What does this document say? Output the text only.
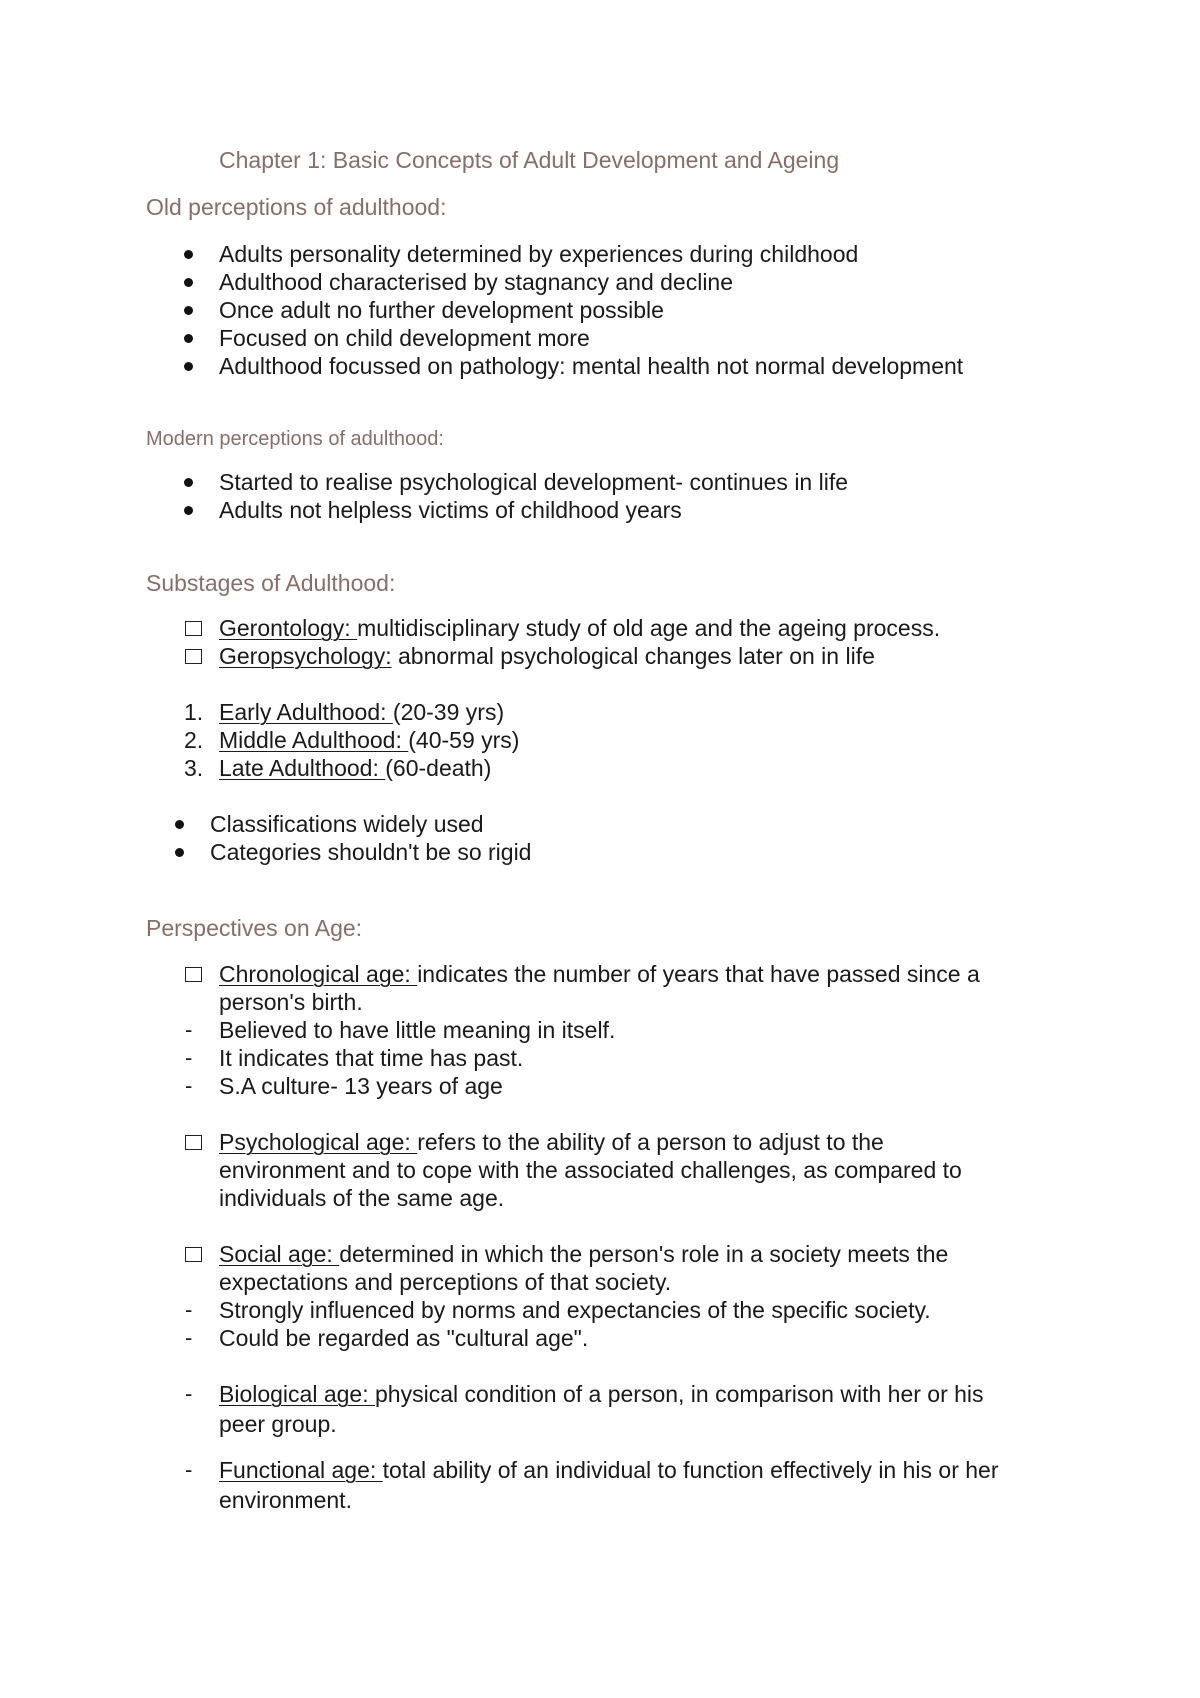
Chapter 1: Basic Concepts of Adult Development and Ageing
Old perceptions of adulthood:
Adults personality determined by experiences during childhood
Adulthood characterised by stagnancy and decline
Once adult no further development possible
Focused on child development more
Adulthood focussed on pathology: mental health not normal development
Modern perceptions of adulthood:
Started to realise psychological development- continues in life
Adults not helpless victims of childhood years
Substages of Adulthood:
Gerontology: multidisciplinary study of old age and the ageing process.
Geropsychology: abnormal psychological changes later on in life
1. Early Adulthood: (20-39 yrs)
2. Middle Adulthood: (40-59 yrs)
3. Late Adulthood: (60-death)
Classifications widely used
Categories shouldn't be so rigid
Perspectives on Age:
Chronological age: indicates the number of years that have passed since a
person's birth.
- Believed to have little meaning in itself.
- It indicates that time has past.
- S.A culture- 13 years of age
Psychological age: refers to the ability of a person to adjust to the
environment and to cope with the associated challenges, as compared to
individuals of the same age.
Social age: determined in which the person's role in a society meets the
expectations and perceptions of that society.
- Strongly influenced by norms and expectancies of the specific society.
- Could be regarded as "cultural age".
- Biological age: physical condition of a person, in comparison with her or his
peer group.
- Functional age: total ability of an individual to function effectively in his or her
environment.
